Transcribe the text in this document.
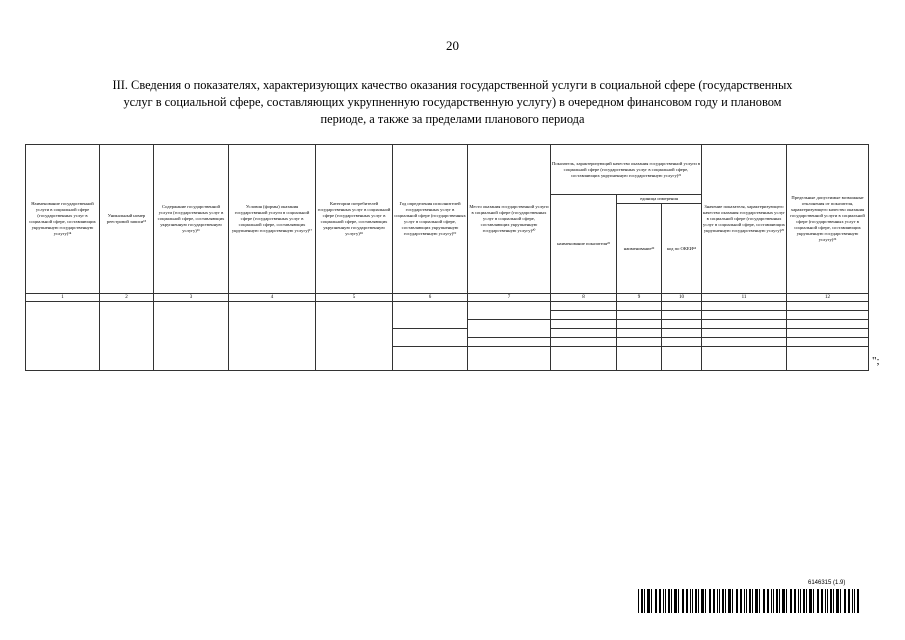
20
III. Сведения о показателях, характеризующих качество оказания государственной услуги в социальной сфере (государственных
услуг в социальной сфере, составляющих укрупненную государственную услугу) в очередном финансовом году и плановом
периоде, а также за пределами планового периода
Наименование государственной услуги в социальной сфере (государственных услуг в социальной сфере, составляющих укрупненную государственную услугу)¹⁴	Уникальный номер реестровой записи¹⁵	Содержание государственной услуги (государственных услуг в социальной сфере, составляющих укрупненную государственную услугу)¹⁶	Условия (формы) оказания государственной услуги в социальной сфере (государственных услуг в социальной сфере, составляющих укрупненную государственную услугу)¹⁷	Категории потребителей государственных услуг в социальной сфере (государственных услуг в социальной сфере, составляющих укрупненную государственную услугу)¹⁸	Год определения исполнителей государственных услуг в социальной сфере (государственных услуг в социальной сфере, составляющих укрупненную государственную услугу)¹⁹	Место оказания государственной услуги в социальной сфере (государственных услуг в социальной сфере, составляющих укрупненную государственную услугу)²⁰	Показатель, характеризующий качество оказания государственной услуги в социальной сфере (государственных услуг в социальной сфере, составляющих укрупненную государственную услугу)²¹			Значение показателя, характеризующего качество оказания государственных услуг в социальной сфере (государственных услуг в социальной сфере, составляющих укрупненную государственную услугу)²⁵	Предельные допустимые возможные отклонения от показателя, характеризующего качество оказания государственной услуги в социальной сфере (государственных услуг в социальной сфере, составляющих укрупненную государственную услугу)²⁶	
							наименование показателя²²	единица измерения				
								наименование²³	код по ОКЕИ²⁴			
1	2	3	4	5	6	7	8	9	10	11	12	

";
6146315 (1.9)
